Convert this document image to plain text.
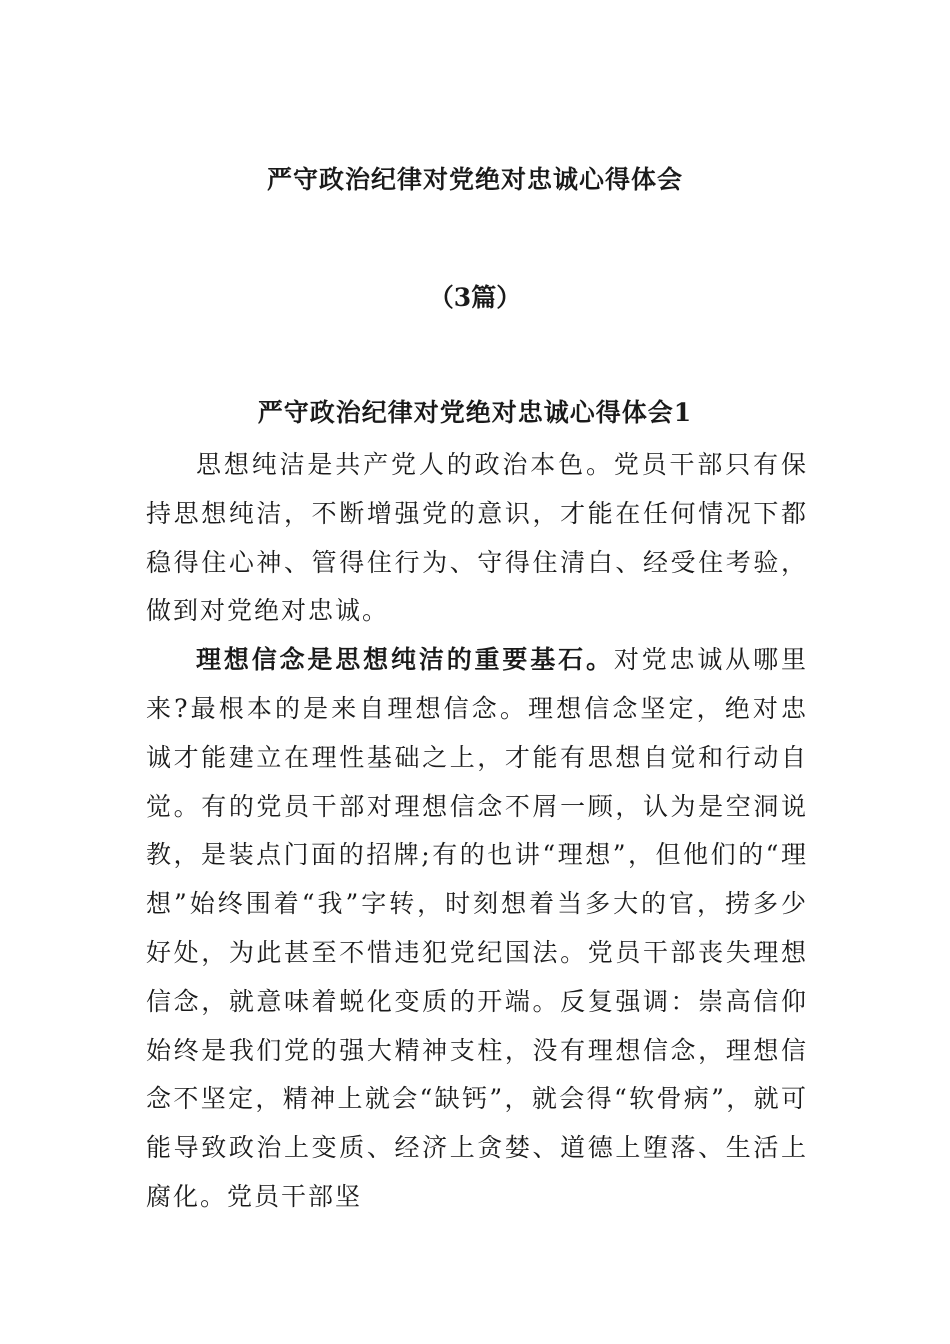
严守政治纪律对党绝对忠诚心得体会
（3篇）
严守政治纪律对党绝对忠诚心得体会1

思想纯洁是共产党人的政治本色。党员干部只有保持思想纯洁，不断增强党的意识，才能在任何情况下都稳得住心神、管得住行为、守得住清白、经受住考验，做到对党绝对忠诚。

理想信念是思想纯洁的重要基石。对党忠诚从哪里来?最根本的是来自理想信念。理想信念坚定，绝对忠诚才能建立在理性基础之上，才能有思想自觉和行动自觉。有的党员干部对理想信念不屑一顾，认为是空洞说教，是装点门面的招牌;有的也讲“理想”，但他们的“理想”始终围着“我”字转，时刻想着当多大的官，捞多少好处，为此甚至不惜违犯党纪国法。党员干部丧失理想信念，就意味着蜕化变质的开端。反复强调：崇高信仰始终是我们党的强大精神支柱，没有理想信念，理想信念不坚定，精神上就会“缺钙”，就会得“软骨病”，就可能导致政治上变质、经济上贪婪、道德上堕落、生活上腐化。党员干部坚
